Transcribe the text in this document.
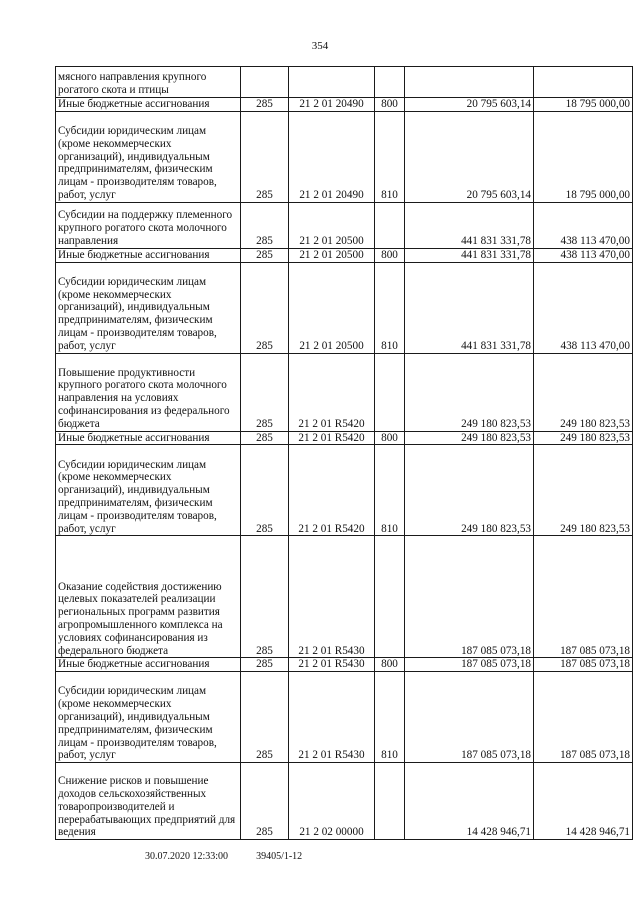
354
мясного направления крупного рогатого скота и птицы					
Иные бюджетные ассигнования	285	21 2 01 20490	800	20 795 603,14	18 795 000,00
Субсидии юридическим лицам (кроме некоммерческих организаций), индивидуальным предпринимателям, физическим лицам - производителям товаров, работ, услуг	285	21 2 01 20490	810	20 795 603,14	18 795 000,00
Субсидии на поддержку племенного крупного рогатого скота молочного направления	285	21 2 01 20500		441 831 331,78	438 113 470,00
Иные бюджетные ассигнования	285	21 2 01 20500	800	441 831 331,78	438 113 470,00
Субсидии юридическим лицам (кроме некоммерческих организаций), индивидуальным предпринимателям, физическим лицам - производителям товаров, работ, услуг	285	21 2 01 20500	810	441 831 331,78	438 113 470,00
Повышение продуктивности крупного рогатого скота молочного направления на условиях софинансирования из федерального бюджета	285	21 2 01 R5420		249 180 823,53	249 180 823,53
Иные бюджетные ассигнования	285	21 2 01 R5420	800	249 180 823,53	249 180 823,53
Субсидии юридическим лицам (кроме некоммерческих организаций), индивидуальным предпринимателям, физическим лицам - производителям товаров, работ, услуг	285	21 2 01 R5420	810	249 180 823,53	249 180 823,53
Оказание содействия достижению целевых показателей реализации региональных программ развития агропромышленного комплекса на условиях софинансирования из федерального бюджета	285	21 2 01 R5430		187 085 073,18	187 085 073,18
Иные бюджетные ассигнования	285	21 2 01 R5430	800	187 085 073,18	187 085 073,18
Субсидии юридическим лицам (кроме некоммерческих организаций), индивидуальным предпринимателям, физическим лицам - производителям товаров, работ, услуг	285	21 2 01 R5430	810	187 085 073,18	187 085 073,18
Снижение рисков и повышение доходов сельскохозяйственных товаропроизводителей и перерабатывающих предприятий для ведения	285	21 2 02 00000		14 428 946,71	14 428 946,71
30.07.2020 12:33:00	39405/1-12
